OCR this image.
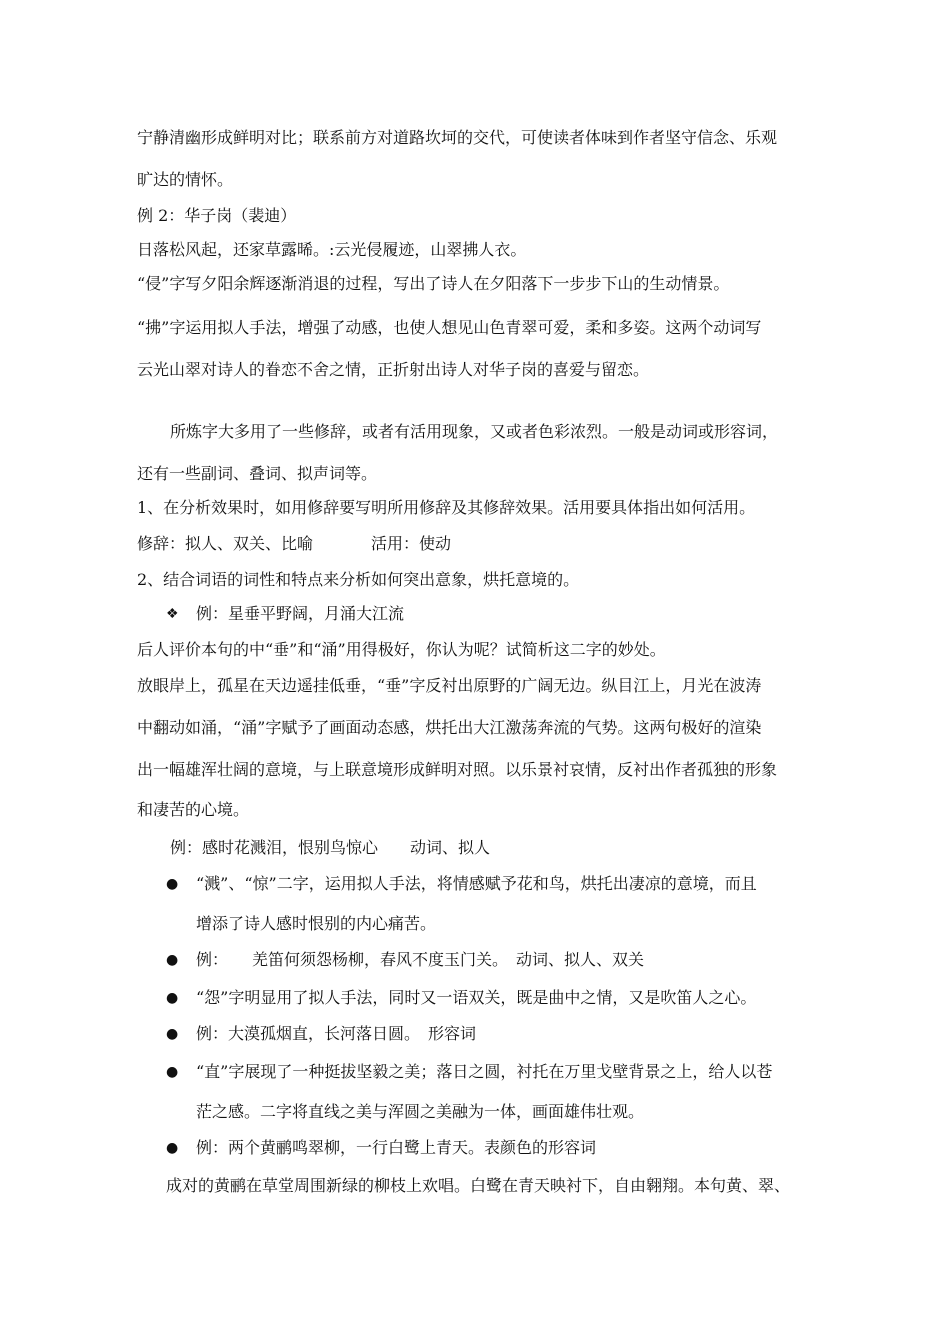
宁静清幽形成鲜明对比；联系前方对道路坎坷的交代，可使读者体味到作者坚守信念、乐观
旷达的情怀。
例 2：华子岗（裴迪）
日落松风起，还家草露晞。:云光侵履迹，山翠拂人衣。
“侵”字写夕阳余辉逐渐消退的过程，写出了诗人在夕阳落下一步步下山的生动情景。
“拂”字运用拟人手法，增强了动感，也使人想见山色青翠可爱，柔和多姿。这两个动词写
云光山翠对诗人的眷恋不舍之情，正折射出诗人对华子岗的喜爱与留恋。
所炼字大多用了一些修辞，或者有活用现象，又或者色彩浓烈。一般是动词或形容词，
还有一些副词、叠词、拟声词等。
1、在分析效果时，如用修辞要写明所用修辞及其修辞效果。活用要具体指出如何活用。
修辞：拟人、双关、比喻	活用：使动
2、结合词语的词性和特点来分析如何突出意象，烘托意境的。
❖ 例：星垂平野阔，月涌大江流
后人评价本句的中“垂”和“涌”用得极好，你认为呢？试简析这二字的妙处。
放眼岸上，孤星在天边遥挂低垂，“垂”字反衬出原野的广阔无边。纵目江上，月光在波涛
中翻动如涌，“涌”字赋予了画面动态感，烘托出大江激荡奔流的气势。这两句极好的渲染
出一幅雄浑壮阔的意境，与上联意境形成鲜明对照。以乐景衬哀情，反衬出作者孤独的形象
和凄苦的心境。
例：感时花溅泪，恨别鸟惊心　　动词、拟人
● “溅”、“惊”二字，运用拟人手法，将情感赋予花和鸟，烘托出凄凉的意境，而且
增添了诗人感时恨别的内心痛苦。
● 例：　　羌笛何须怨杨柳，春风不度玉门关。　动词、拟人、双关
● “怨”字明显用了拟人手法，同时又一语双关，既是曲中之情，又是吹笛人之心。
● 例：大漠孤烟直，长河落日圆。　形容词
● “直”字展现了一种挺拔坚毅之美；落日之圆，衬托在万里戈壁背景之上，给人以苍
茫之感。二字将直线之美与浑圆之美融为一体，画面雄伟壮观。
● 例：两个黄鹂鸣翠柳，一行白鹭上青天。表颜色的形容词
成对的黄鹂在草堂周围新绿的柳枝上欢唱。白鹭在青天映衬下，自由翱翔。本句黄、翠、
